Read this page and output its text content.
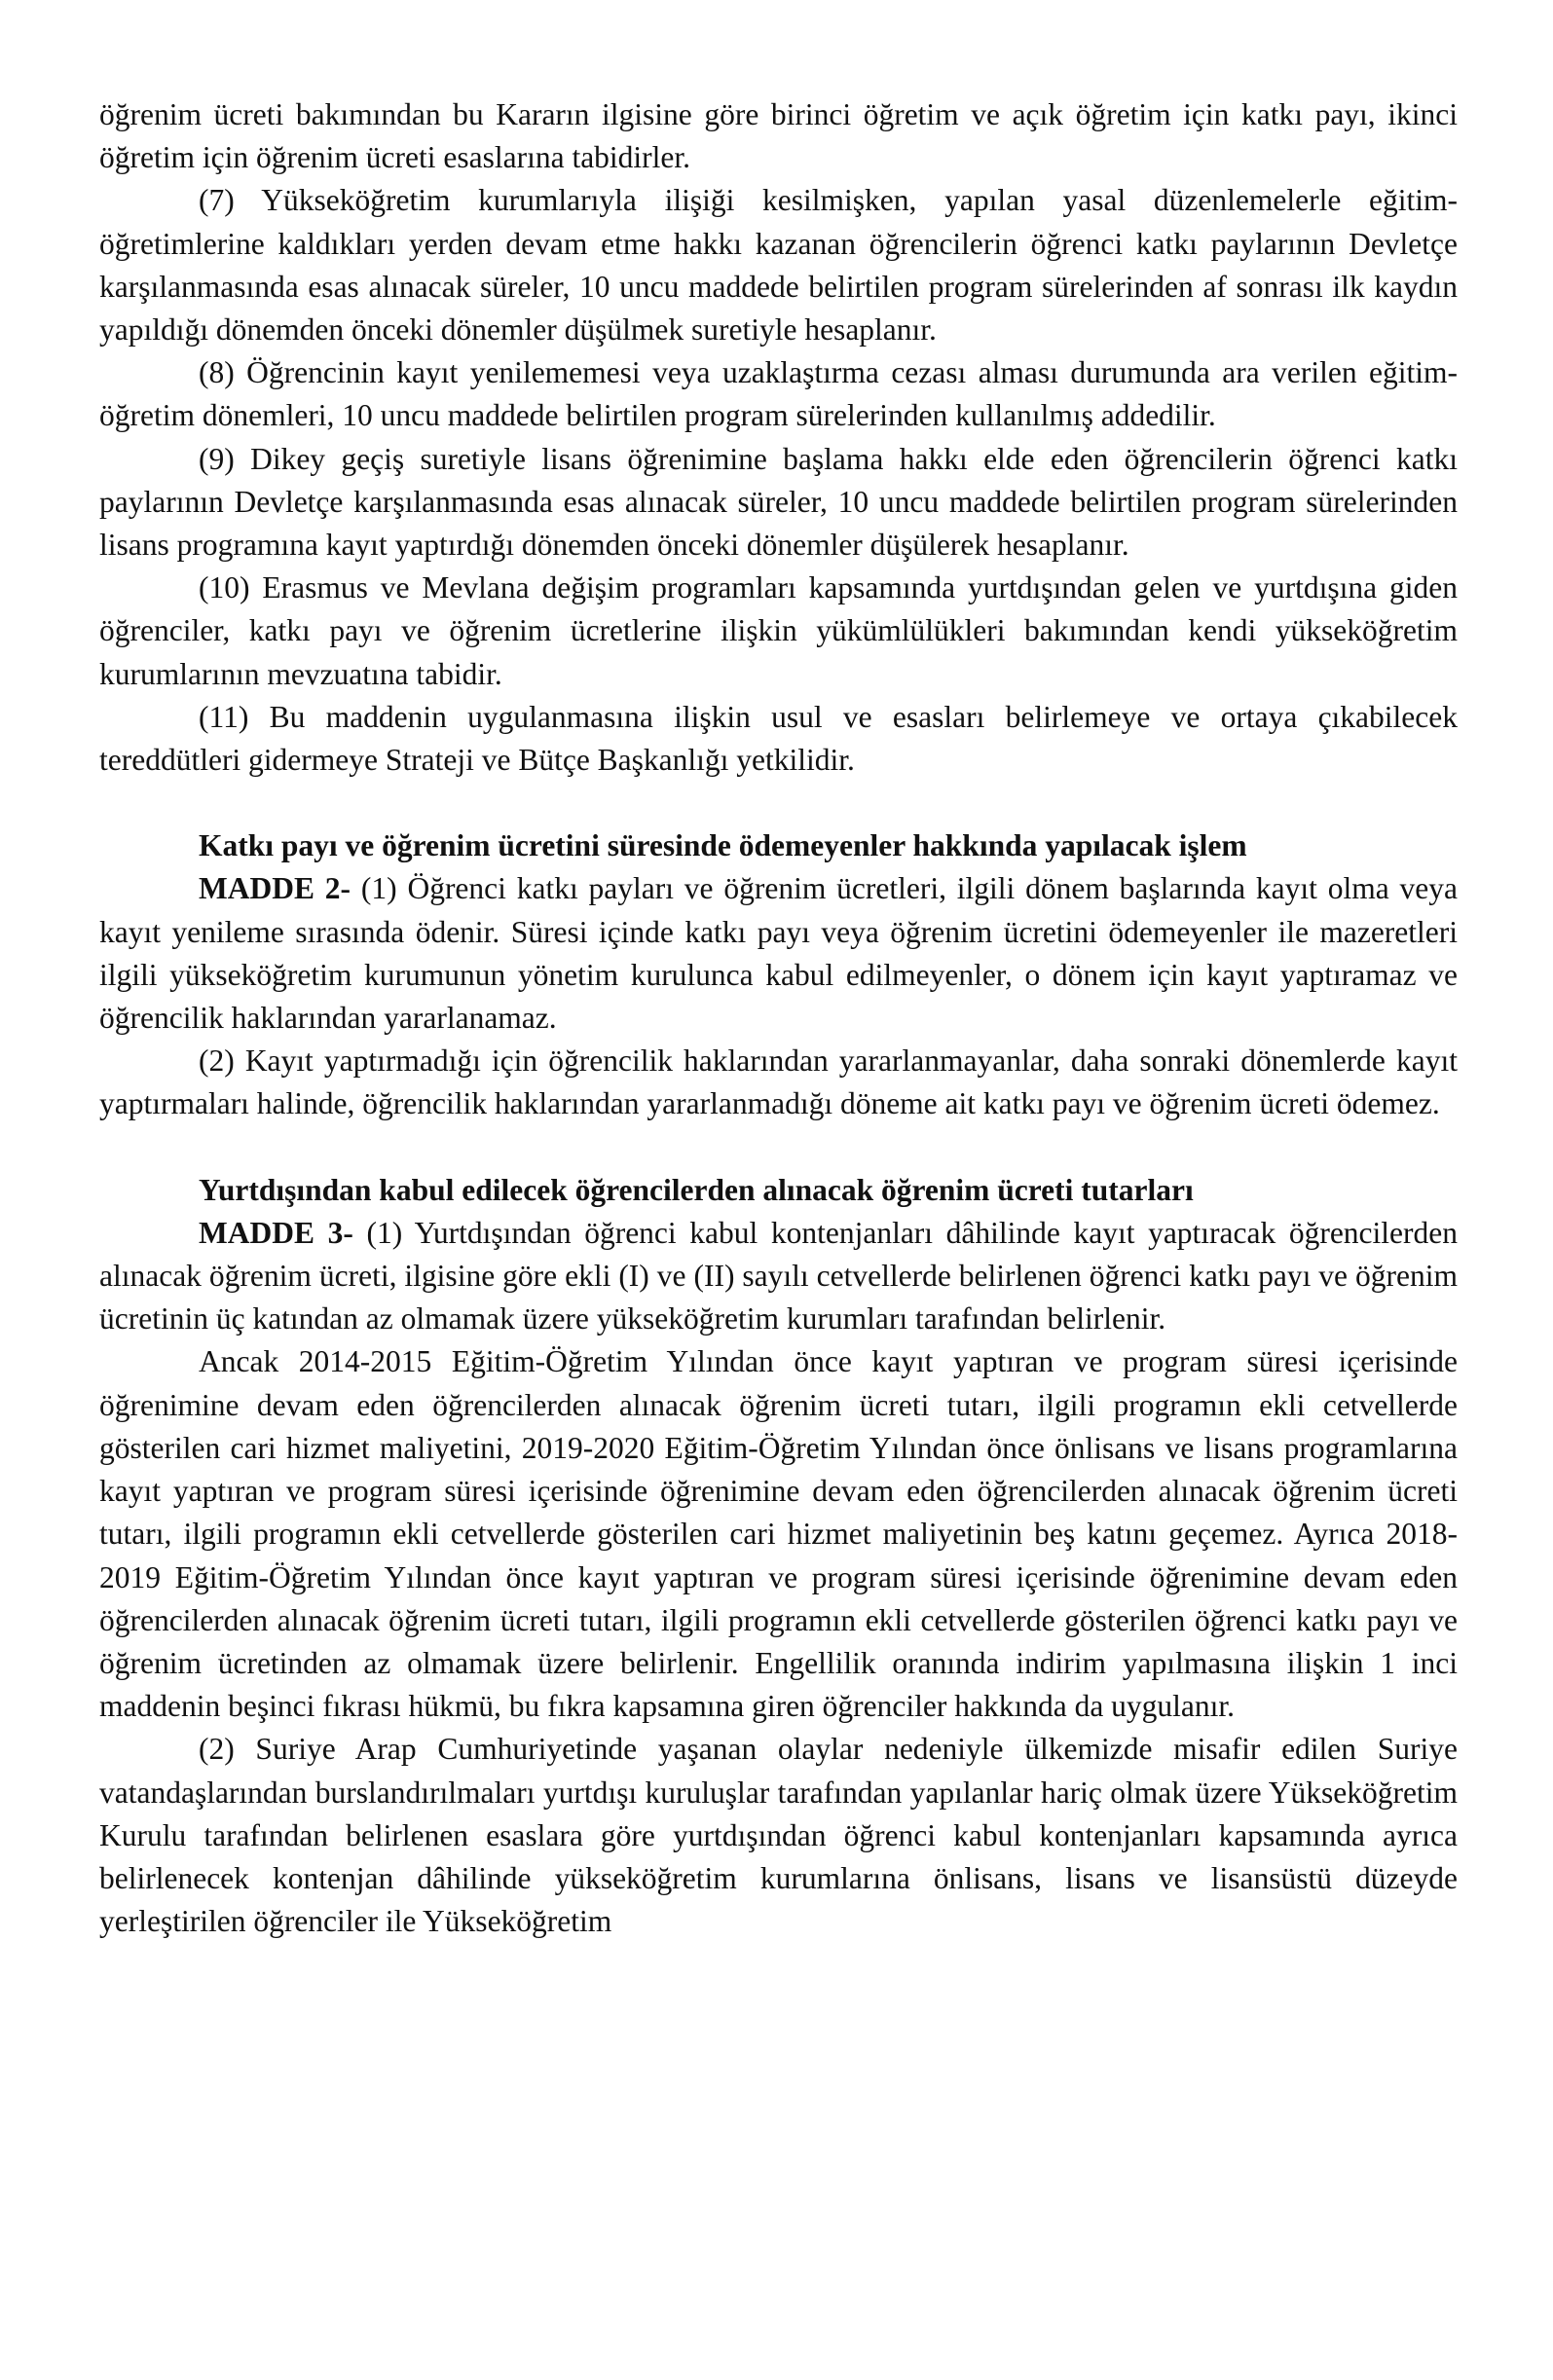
öğrenim ücreti bakımından bu Kararın ilgisine göre birinci öğretim ve açık öğretim için katkı payı, ikinci öğretim için öğrenim ücreti esaslarına tabidirler.

(7) Yükseköğretim kurumlarıyla ilişiği kesilmişken, yapılan yasal düzenlemelerle eğitim-öğretimlerine kaldıkları yerden devam etme hakkı kazanan öğrencilerin öğrenci katkı paylarının Devletçe karşılanmasında esas alınacak süreler, 10 uncu maddede belirtilen program sürelerinden af sonrası ilk kaydın yapıldığı dönemden önceki dönemler düşülmek suretiyle hesaplanır.

(8) Öğrencinin kayıt yenilememesi veya uzaklaştırma cezası alması durumunda ara verilen eğitim-öğretim dönemleri, 10 uncu maddede belirtilen program sürelerinden kullanılmış addedilir.

(9) Dikey geçiş suretiyle lisans öğrenimine başlama hakkı elde eden öğrencilerin öğrenci katkı paylarının Devletçe karşılanmasında esas alınacak süreler, 10 uncu maddede belirtilen program sürelerinden lisans programına kayıt yaptırdığı dönemden önceki dönemler düşülerek hesaplanır.

(10) Erasmus ve Mevlana değişim programları kapsamında yurtdışından gelen ve yurtdışına giden öğrenciler, katkı payı ve öğrenim ücretlerine ilişkin yükümlülükleri bakımından kendi yükseköğretim kurumlarının mevzuatına tabidir.

(11) Bu maddenin uygulanmasına ilişkin usul ve esasları belirlemeye ve ortaya çıkabilecek tereddütleri gidermeye Strateji ve Bütçe Başkanlığı yetkilidir.

Katkı payı ve öğrenim ücretini süresinde ödemeyenler hakkında yapılacak işlem

MADDE 2- (1) Öğrenci katkı payları ve öğrenim ücretleri, ilgili dönem başlarında kayıt olma veya kayıt yenileme sırasında ödenir. Süresi içinde katkı payı veya öğrenim ücretini ödemeyenler ile mazeretleri ilgili yükseköğretim kurumunun yönetim kurulunca kabul edilmeyenler, o dönem için kayıt yaptıramaz ve öğrencilik haklarından yararlanamaz.

(2) Kayıt yaptırmadığı için öğrencilik haklarından yararlanmayanlar, daha sonraki dönemlerde kayıt yaptırmaları halinde, öğrencilik haklarından yararlanmadığı döneme ait katkı payı ve öğrenim ücreti ödemez.

Yurtdışından kabul edilecek öğrencilerden alınacak öğrenim ücreti tutarları

MADDE 3- (1) Yurtdışından öğrenci kabul kontenjanları dâhilinde kayıt yaptıracak öğrencilerden alınacak öğrenim ücreti, ilgisine göre ekli (I) ve (II) sayılı cetvellerde belirlenen öğrenci katkı payı ve öğrenim ücretinin üç katından az olmamak üzere yükseköğretim kurumları tarafından belirlenir.

Ancak 2014-2015 Eğitim-Öğretim Yılından önce kayıt yaptıran ve program süresi içerisinde öğrenimine devam eden öğrencilerden alınacak öğrenim ücreti tutarı, ilgili programın ekli cetvellerde gösterilen cari hizmet maliyetini, 2019-2020 Eğitim-Öğretim Yılından önce önlisans ve lisans programlarına kayıt yaptıran ve program süresi içerisinde öğrenimine devam eden öğrencilerden alınacak öğrenim ücreti tutarı, ilgili programın ekli cetvellerde gösterilen cari hizmet maliyetinin beş katını geçemez. Ayrıca 2018-2019 Eğitim-Öğretim Yılından önce kayıt yaptıran ve program süresi içerisinde öğrenimine devam eden öğrencilerden alınacak öğrenim ücreti tutarı, ilgili programın ekli cetvellerde gösterilen öğrenci katkı payı ve öğrenim ücretinden az olmamak üzere belirlenir. Engellilik oranında indirim yapılmasına ilişkin 1 inci maddenin beşinci fıkrası hükmü, bu fıkra kapsamına giren öğrenciler hakkında da uygulanır.

(2) Suriye Arap Cumhuriyetinde yaşanan olaylar nedeniyle ülkemizde misafir edilen Suriye vatandaşlarından burslandırılmaları yurtdışı kuruluşlar tarafından yapılanlar hariç olmak üzere Yükseköğretim Kurulu tarafından belirlenen esaslara göre yurtdışından öğrenci kabul kontenjanları kapsamında ayrıca belirlenecek kontenjan dâhilinde yükseköğretim kurumlarına önlisans, lisans ve lisansüstü düzeyde yerleştirilen öğrenciler ile Yükseköğretim
